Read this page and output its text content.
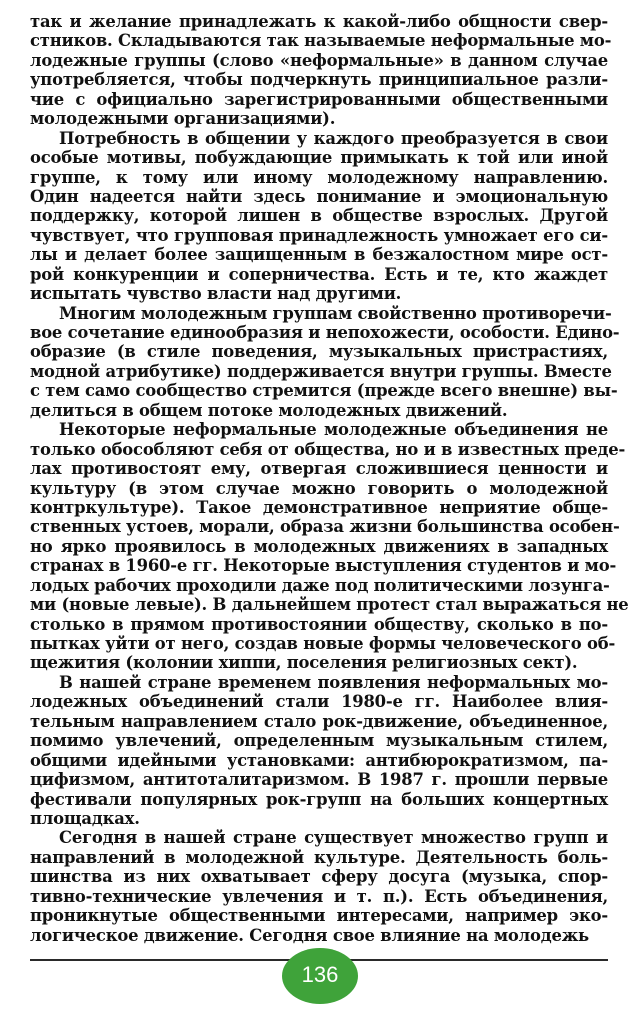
так и желание принадлежать к какой-либо общности свер-
стников. Складываются так называемые неформальные мо-
лодежные группы (слово «неформальные» в данном случае
употребляется, чтобы подчеркнуть принципиальное разли-
чие с официально зарегистрированными общественными
молодежными организациями).
Потребность в общении у каждого преобразуется в свои
особые мотивы, побуждающие примыкать к той или иной
группе, к тому или иному молодежному направлению.
Один надеется найти здесь понимание и эмоциональную
поддержку, которой лишен в обществе взрослых. Другой
чувствует, что групповая принадлежность умножает его си-
лы и делает более защищенным в безжалостном мире ост-
рой конкуренции и соперничества. Есть и те, кто жаждет
испытать чувство власти над другими.
Многим молодежным группам свойственно противоречи-
вое сочетание единообразия и непохожести, особости. Едино-
образие (в стиле поведения, музыкальных пристрастиях,
модной атрибутике) поддерживается внутри группы. Вместе
с тем само сообщество стремится (прежде всего внешне) вы-
делиться в общем потоке молодежных движений.
Некоторые неформальные молодежные объединения не
только обособляют себя от общества, но и в известных преде-
лах противостоят ему, отвергая сложившиеся ценности и
культуру (в этом случае можно говорить о молодежной
контркультуре). Такое демонстративное неприятие обще-
ственных устоев, морали, образа жизни большинства особен-
но ярко проявилось в молодежных движениях в западных
странах в 1960-е гг. Некоторые выступления студентов и мо-
лодых рабочих проходили даже под политическими лозунга-
ми (новые левые). В дальнейшем протест стал выражаться не
столько в прямом противостоянии обществу, сколько в по-
пытках уйти от него, создав новые формы человеческого об-
щежития (колонии хиппи, поселения религиозных сект).
В нашей стране временем появления неформальных мо-
лодежных объединений стали 1980-е гг. Наиболее влия-
тельным направлением стало рок-движение, объединенное,
помимо увлечений, определенным музыкальным стилем,
общими идейными установками: антибюрократизмом, па-
цифизмом, антитоталитаризмом. В 1987 г. прошли первые
фестивали популярных рок-групп на больших концертных
площадках.
Сегодня в нашей стране существует множество групп и
направлений в молодежной культуре. Деятельность боль-
шинства из них охватывает сферу досуга (музыка, спор-
тивно-технические увлечения и т. п.). Есть объединения,
проникнутые общественными интересами, например эко-
логическое движение. Сегодня свое влияние на молодежь
136
